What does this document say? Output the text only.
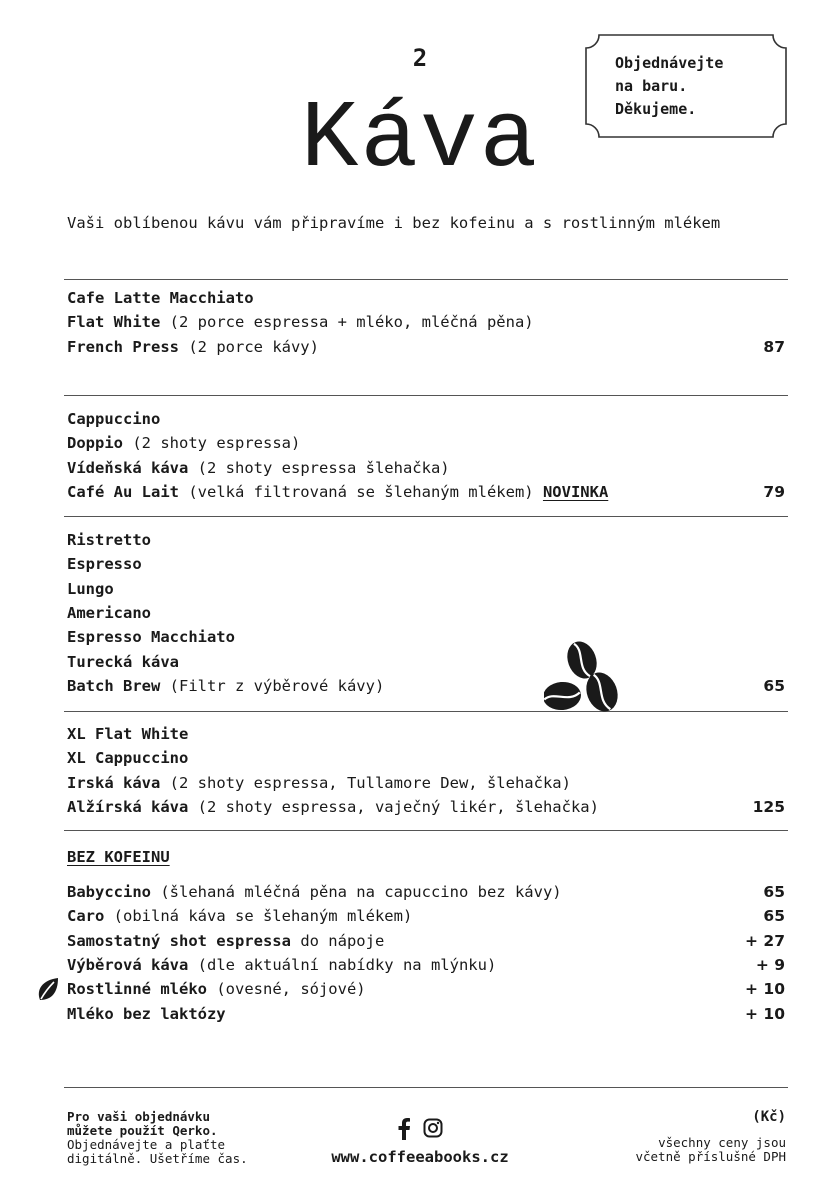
2
Káva
Objednávejte
na baru.
Děkujeme.
Vaši oblíbenou kávu vám připravíme i bez kofeinu a s rostlinným mlékem
Cafe Latte Macchiato
Flat White (2 porce espressa + mléko, mléčná pěna)
French Press (2 porce kávy)	87
Cappuccino
Doppio (2 shoty espressa)
Vídeňská káva (2 shoty espressa šlehačka)
Café Au Lait (velká filtrovaná se šlehaným mlékem) NOVINKA	79
Ristretto
Espresso
Lungo
Americano
Espresso Macchiato
Turecká káva
Batch Brew (Filtr z výběrové kávy)	65
XL Flat White
XL Cappuccino
Irská káva (2 shoty espressa, Tullamore Dew, šlehačka)
Alžírská káva (2 shoty espressa, vaječný likér, šlehačka)	125
BEZ KOFEINU
Babyccino (šlehaná mléčná pěna na capuccino bez kávy)	65
Caro (obilná káva se šlehaným mlékem)	65
Samostatný shot espressa do nápoje	+ 27
Výběrová káva (dle aktuální nabídky na mlýnku)	+ 9
Rostlinné mléko (ovesné, sójové)	+ 10
Mléko bez laktózy	+ 10
Pro vaši objednávku
můžete použít Qerko.
Objednávejte a plaťte
digitálně. Ušetříme čas.	www.coffeeabooks.cz
(Kč)
všechny ceny jsou
včetně příslušné DPH
